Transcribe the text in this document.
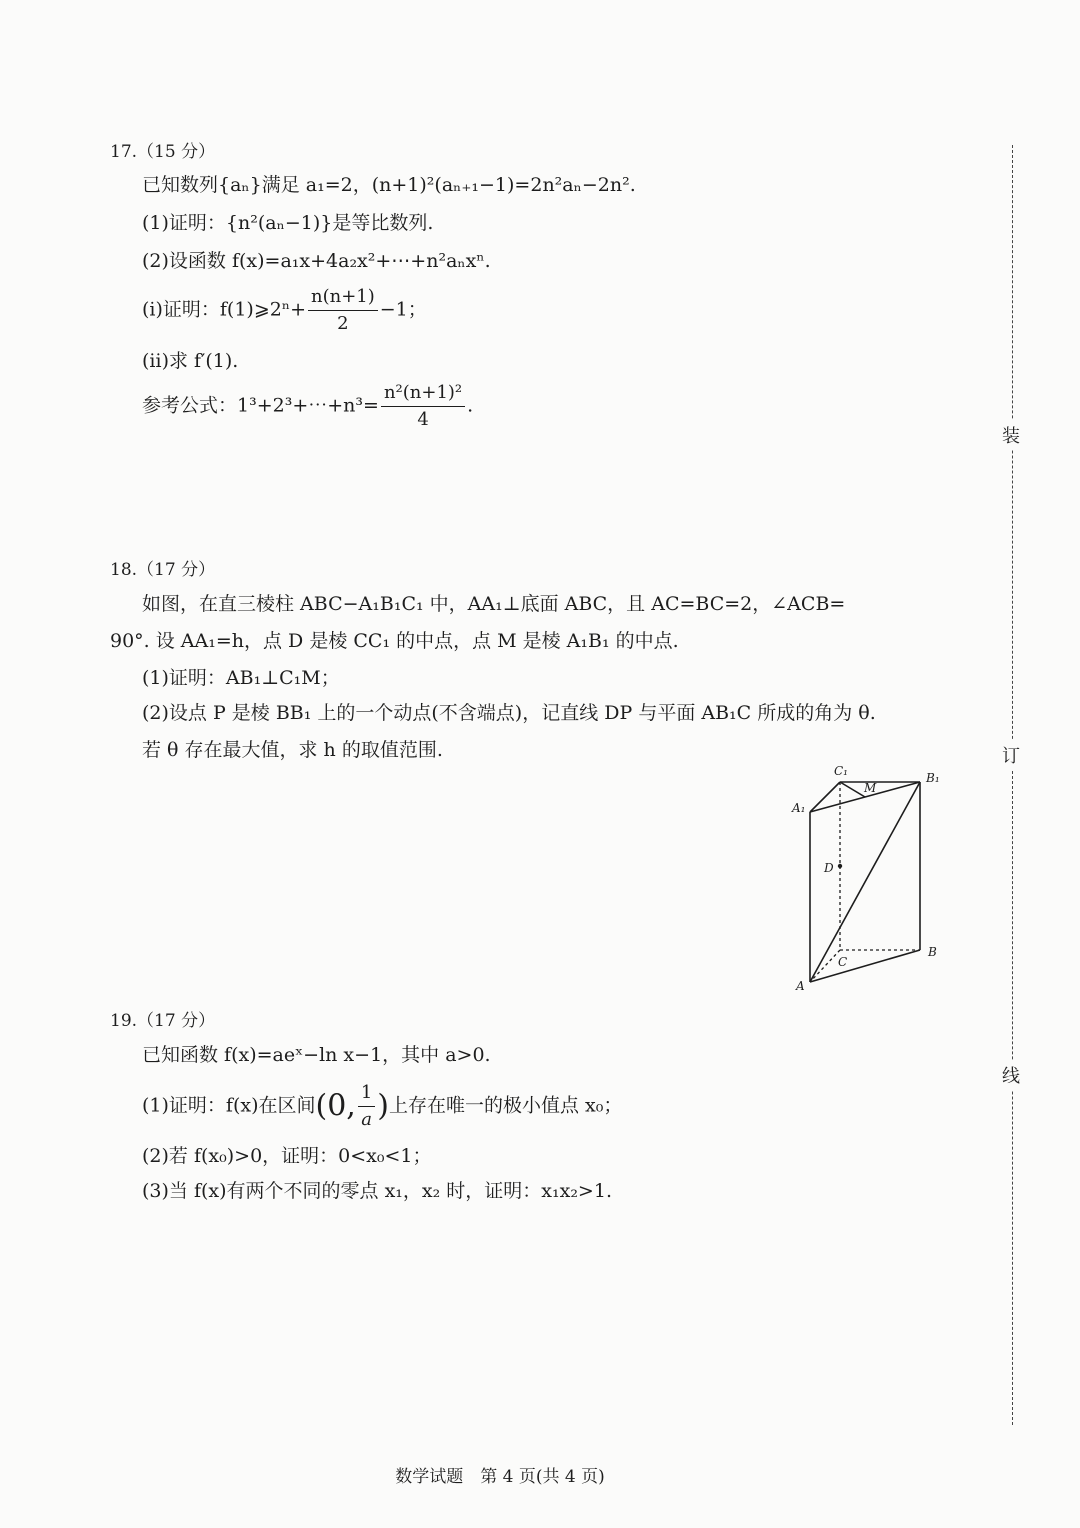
17.（15 分）
已知数列{aₙ}满足 a₁=2，(n+1)²(aₙ₊₁−1)=2n²aₙ−2n².
(1)证明：{n²(aₙ−1)}是等比数列.
(2)设函数 f(x)=a₁x+4a₂x²+⋯+n²aₙxⁿ.
(ⅰ)证明：f(1)⩾2ⁿ+ $\frac{n(n+1)}{2} -1$；
(ⅱ)求 f′(1).
参考公式：1³+2³+⋯+n³= $\frac{\text{n²(n+1)²}}{4}$ .
18.（17 分）
如图，在直三棱柱 ABC−A₁B₁C₁ 中，AA₁⊥底面 ABC，且 AC=BC=2，∠ACB=
90°. 设 AA₁=h，点 D 是棱 CC₁ 的中点，点 M 是棱 A₁B₁ 的中点.
(1)证明：AB₁⊥C₁M；
(2)设点 P 是棱 BB₁ 上的一个动点(不含端点)，记直线 DP 与平面 AB₁C 所成的角为 θ.
若 θ 存在最大值，求 h 的取值范围.
C₁
M
B₁
A₁
D
C
B
A
19.（17 分）
已知函数 f(x)=aeˣ−ln x−1，其中 a>0.
(1)证明：f(x)在区间(0, $\frac{1}{a}$ )上存在唯一的极小值点 x₀；
(2)若 f(x₀)>0，证明：0<x₀<1；
(3)当 f(x)有两个不同的零点 x₁，x₂ 时，证明：x₁x₂>1.
装
订
线
数学试题　第 4 页(共 4 页)
